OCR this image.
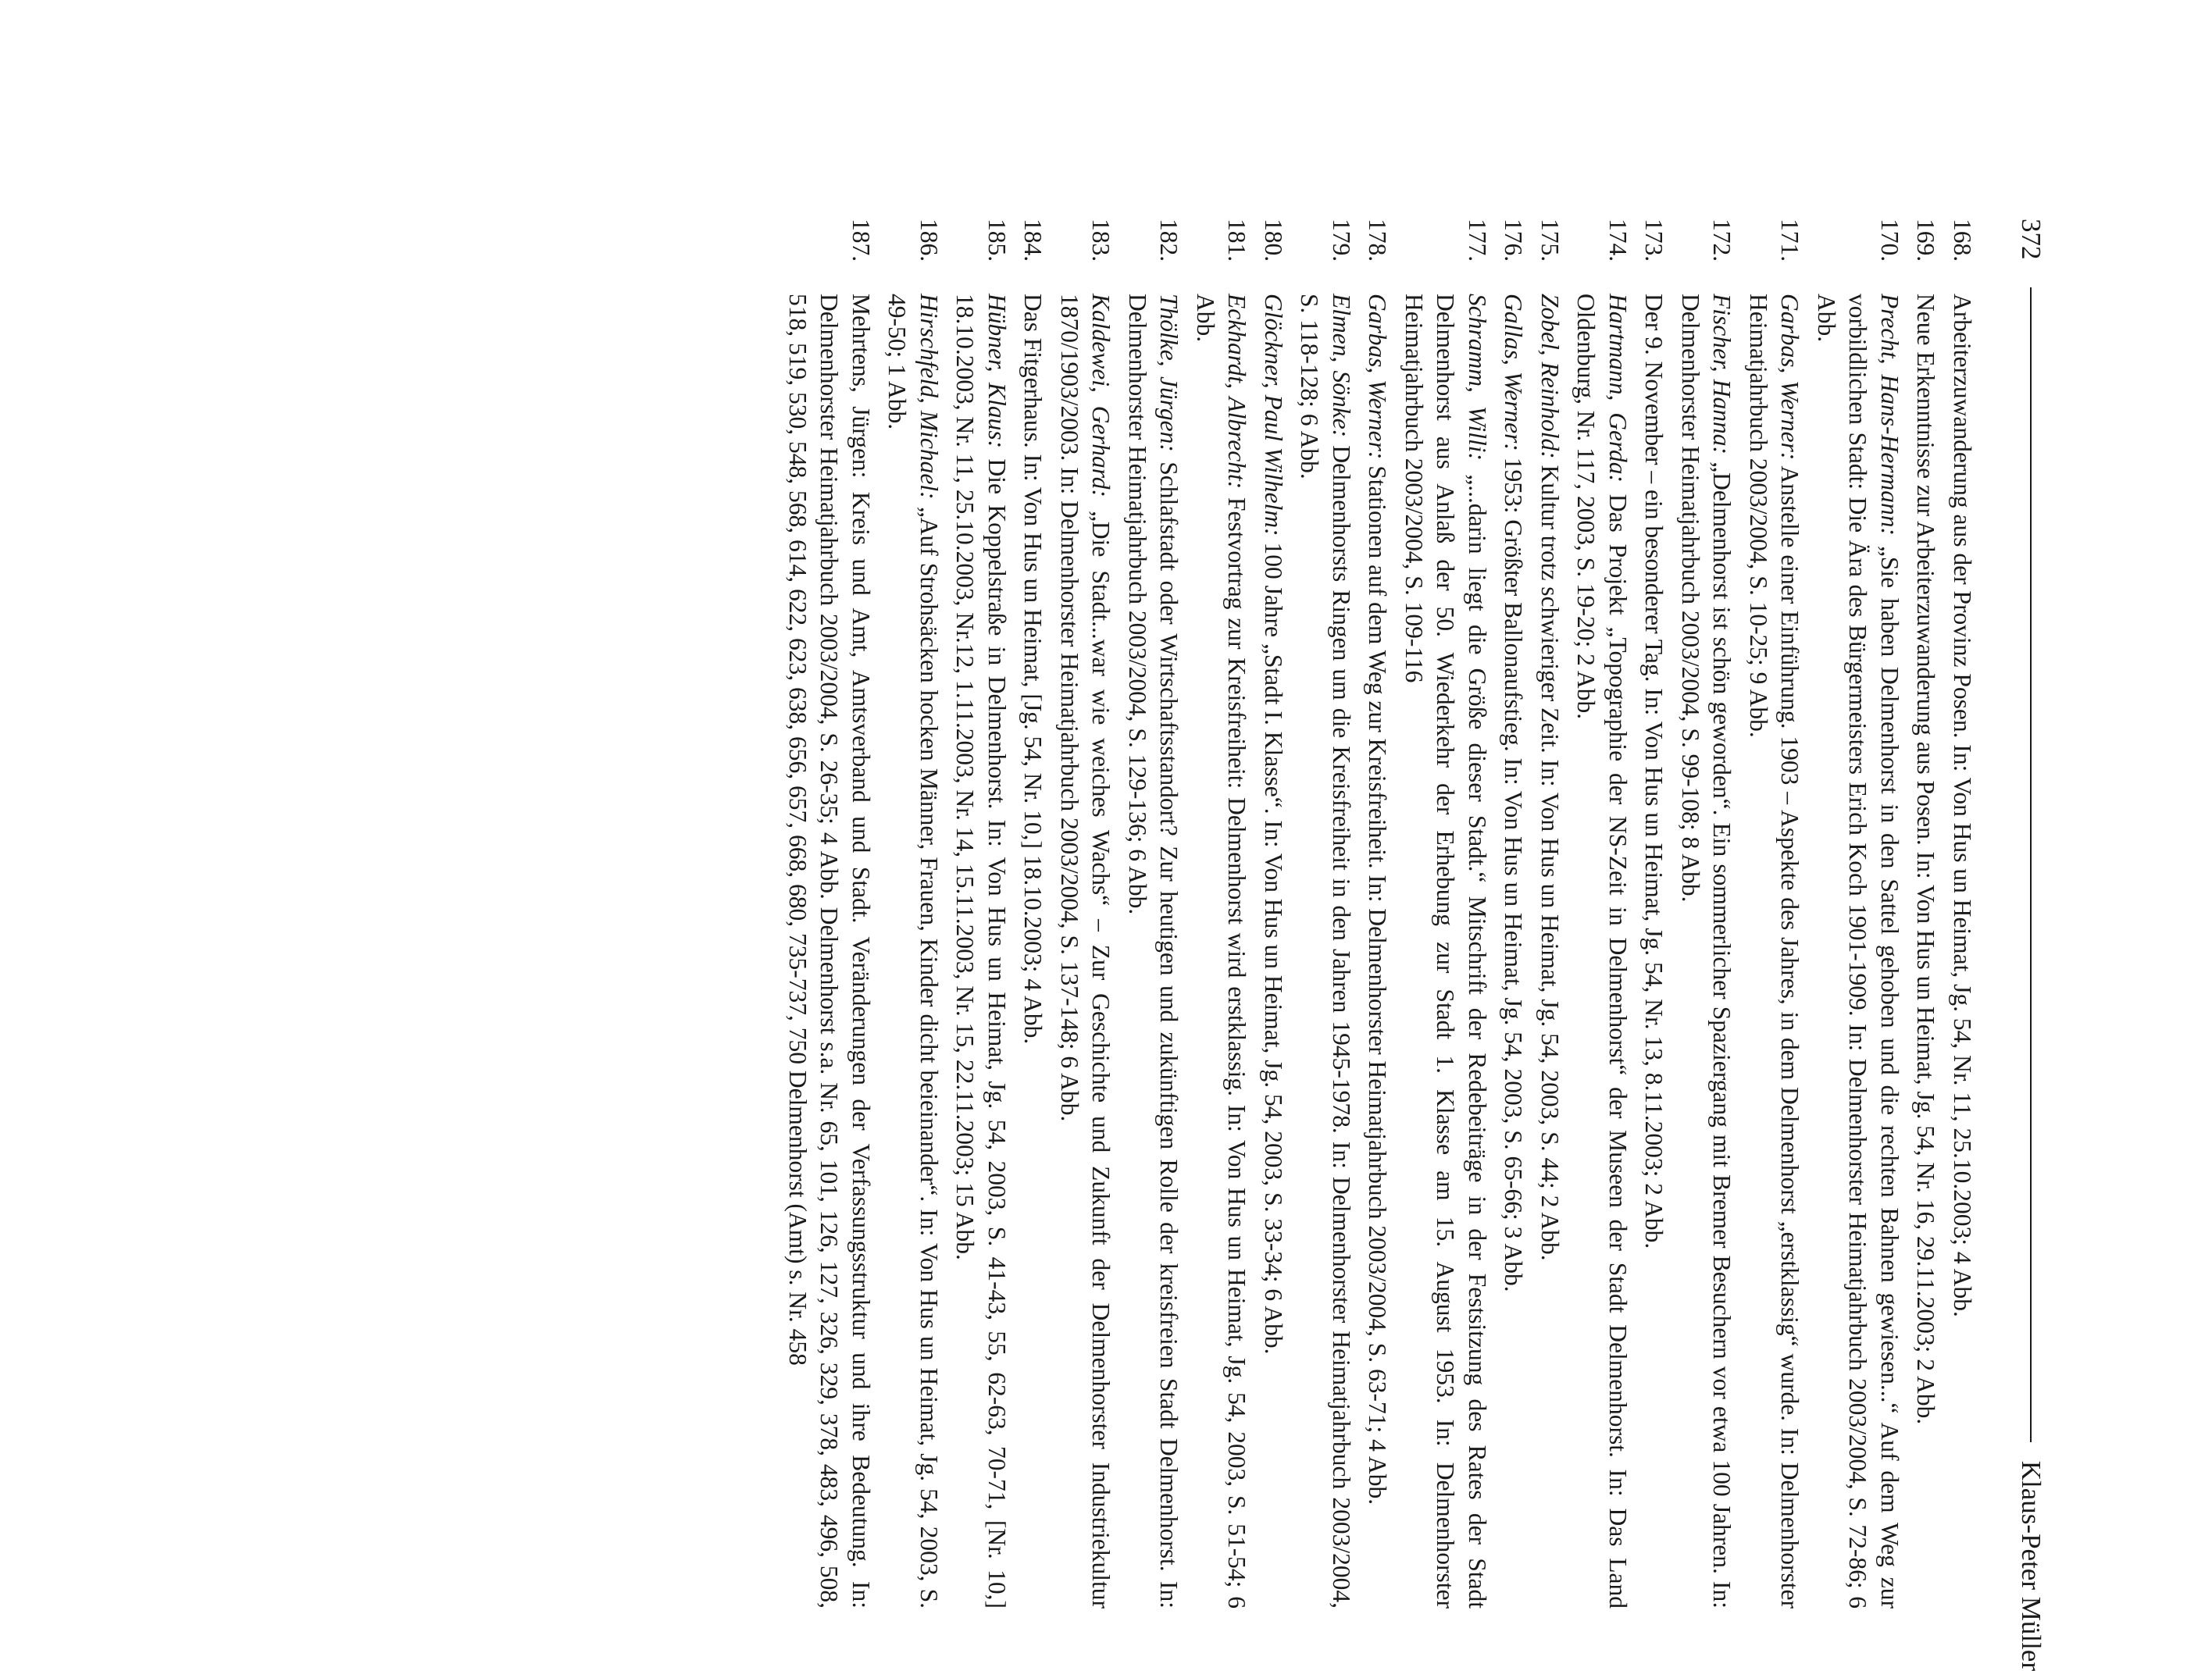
372
Klaus-Peter Müller
168.
Arbeiterzuwanderung aus der Provinz Posen. In: Von Hus un Heimat, Jg. 54, Nr. 11, 25.10.2003; 4 Abb.
169.
Neue Erkenntnisse zur Arbeiterzuwanderung aus Posen. In: Von Hus un Heimat, Jg. 54, Nr. 16, 29.11.2003; 2 Abb.
170.
Precht, Hans-Hermann: „Sie haben Delmenhorst in den Sattel gehoben und die rechten Bahnen gewiesen...“ Auf dem Weg zur vorbildlichen Stadt: Die Ära des Bürgermeisters Erich Koch 1901-1909. In: Delmenhorster Heimatjahrbuch 2003/2004, S. 72-86; 6 Abb.
171.
Garbas, Werner: Anstelle einer Einführung. 1903 – Aspekte des Jahres, in dem Delmenhorst „erstklassig“ wurde. In: Delmenhorster Heimatjahrbuch 2003/2004, S. 10-25; 9 Abb.
172.
Fischer, Hanna: „Delmenhorst ist schön geworden“. Ein sommerlicher Spaziergang mit Bremer Besuchern vor etwa 100 Jahren. In: Delmenhorster Heimatjahrbuch 2003/2004, S. 99-108; 8 Abb.
173.
Der 9. November – ein besonderer Tag. In: Von Hus un Heimat, Jg. 54, Nr. 13, 8.11.2003; 2 Abb.
174.
Hartmann, Gerda: Das Projekt „Topographie der NS-Zeit in Delmenhorst“ der Museen der Stadt Delmenhorst. In: Das Land Oldenburg, Nr. 117, 2003, S. 19-20; 2 Abb.
175.
Zobel, Reinhold: Kultur trotz schwieriger Zeit. In: Von Hus un Heimat, Jg. 54, 2003, S. 44; 2 Abb.
176.
Gallas, Werner: 1953: Größter Ballonaufstieg. In: Von Hus un Heimat, Jg. 54, 2003, S. 65-66; 3 Abb.
177.
Schramm, Willi: „...darin liegt die Größe dieser Stadt.“ Mitschrift der Redebeiträge in der Festsitzung des Rates der Stadt Delmenhorst aus Anlaß der 50. Wiederkehr der Erhebung zur Stadt 1. Klasse am 15. August 1953. In: Delmenhorster Heimatjahrbuch 2003/2004, S. 109-116
178.
Garbas, Werner: Stationen auf dem Weg zur Kreisfreiheit. In: Delmenhorster Heimatjahrbuch 2003/2004, S. 63-71; 4 Abb.
179.
Elmen, Sönke: Delmenhorsts Ringen um die Kreisfreiheit in den Jahren 1945-1978. In: Delmenhorster Heimatjahrbuch 2003/2004, S. 118-128; 6 Abb.
180.
Glöckner, Paul Wilhelm: 100 Jahre „Stadt I. Klasse“. In: Von Hus un Heimat, Jg. 54, 2003, S. 33-34; 6 Abb.
181.
Eckhardt, Albrecht: Festvortrag zur Kreisfreiheit: Delmenhorst wird erstklassig. In: Von Hus un Heimat, Jg. 54, 2003, S. 51-54; 6 Abb.
182.
Thölke, Jürgen: Schlafstadt oder Wirtschaftsstandort? Zur heutigen und zukünftigen Rolle der kreisfreien Stadt Delmenhorst. In: Delmenhorster Heimatjahrbuch 2003/2004, S. 129-136; 6 Abb.
183.
Kaldewei, Gerhard: „Die Stadt...war wie weiches Wachs“ – Zur Geschichte und Zukunft der Delmenhorster Industriekultur 1870/1903/2003. In: Delmenhorster Heimatjahrbuch 2003/2004, S. 137-148; 6 Abb.
184.
Das Fitgerhaus. In: Von Hus un Heimat, [Jg. 54, Nr. 10,] 18.10.2003; 4 Abb.
185.
Hübner, Klaus: Die Koppelstraße in Delmenhorst. In: Von Hus un Heimat, Jg. 54, 2003, S. 41-43, 55, 62-63, 70-71, [Nr. 10,] 18.10.2003, Nr. 11, 25.10.2003, Nr.12, 1.11.2003, Nr. 14, 15.11.2003, Nr. 15, 22.11.2003; 15 Abb.
186.
Hirschfeld, Michael: „Auf Strohsäcken hocken Männer, Frauen, Kinder dicht beieinander“. In: Von Hus un Heimat, Jg. 54, 2003, S. 49-50; 1 Abb.
187.
Mehrtens, Jürgen: Kreis und Amt, Amtsverband und Stadt. Veränderungen der Verfassungsstruktur und ihre Bedeutung. In: Delmenhorster Heimatjahrbuch 2003/2004, S. 26-35; 4 Abb. Delmenhorst s.a. Nr. 65, 101, 126, 127, 326, 329, 378, 483, 496, 508, 518, 519, 530, 548, 568, 614, 622, 623, 638, 656, 657, 668, 680, 735-737, 750 Delmenhorst (Amt) s. Nr. 458
